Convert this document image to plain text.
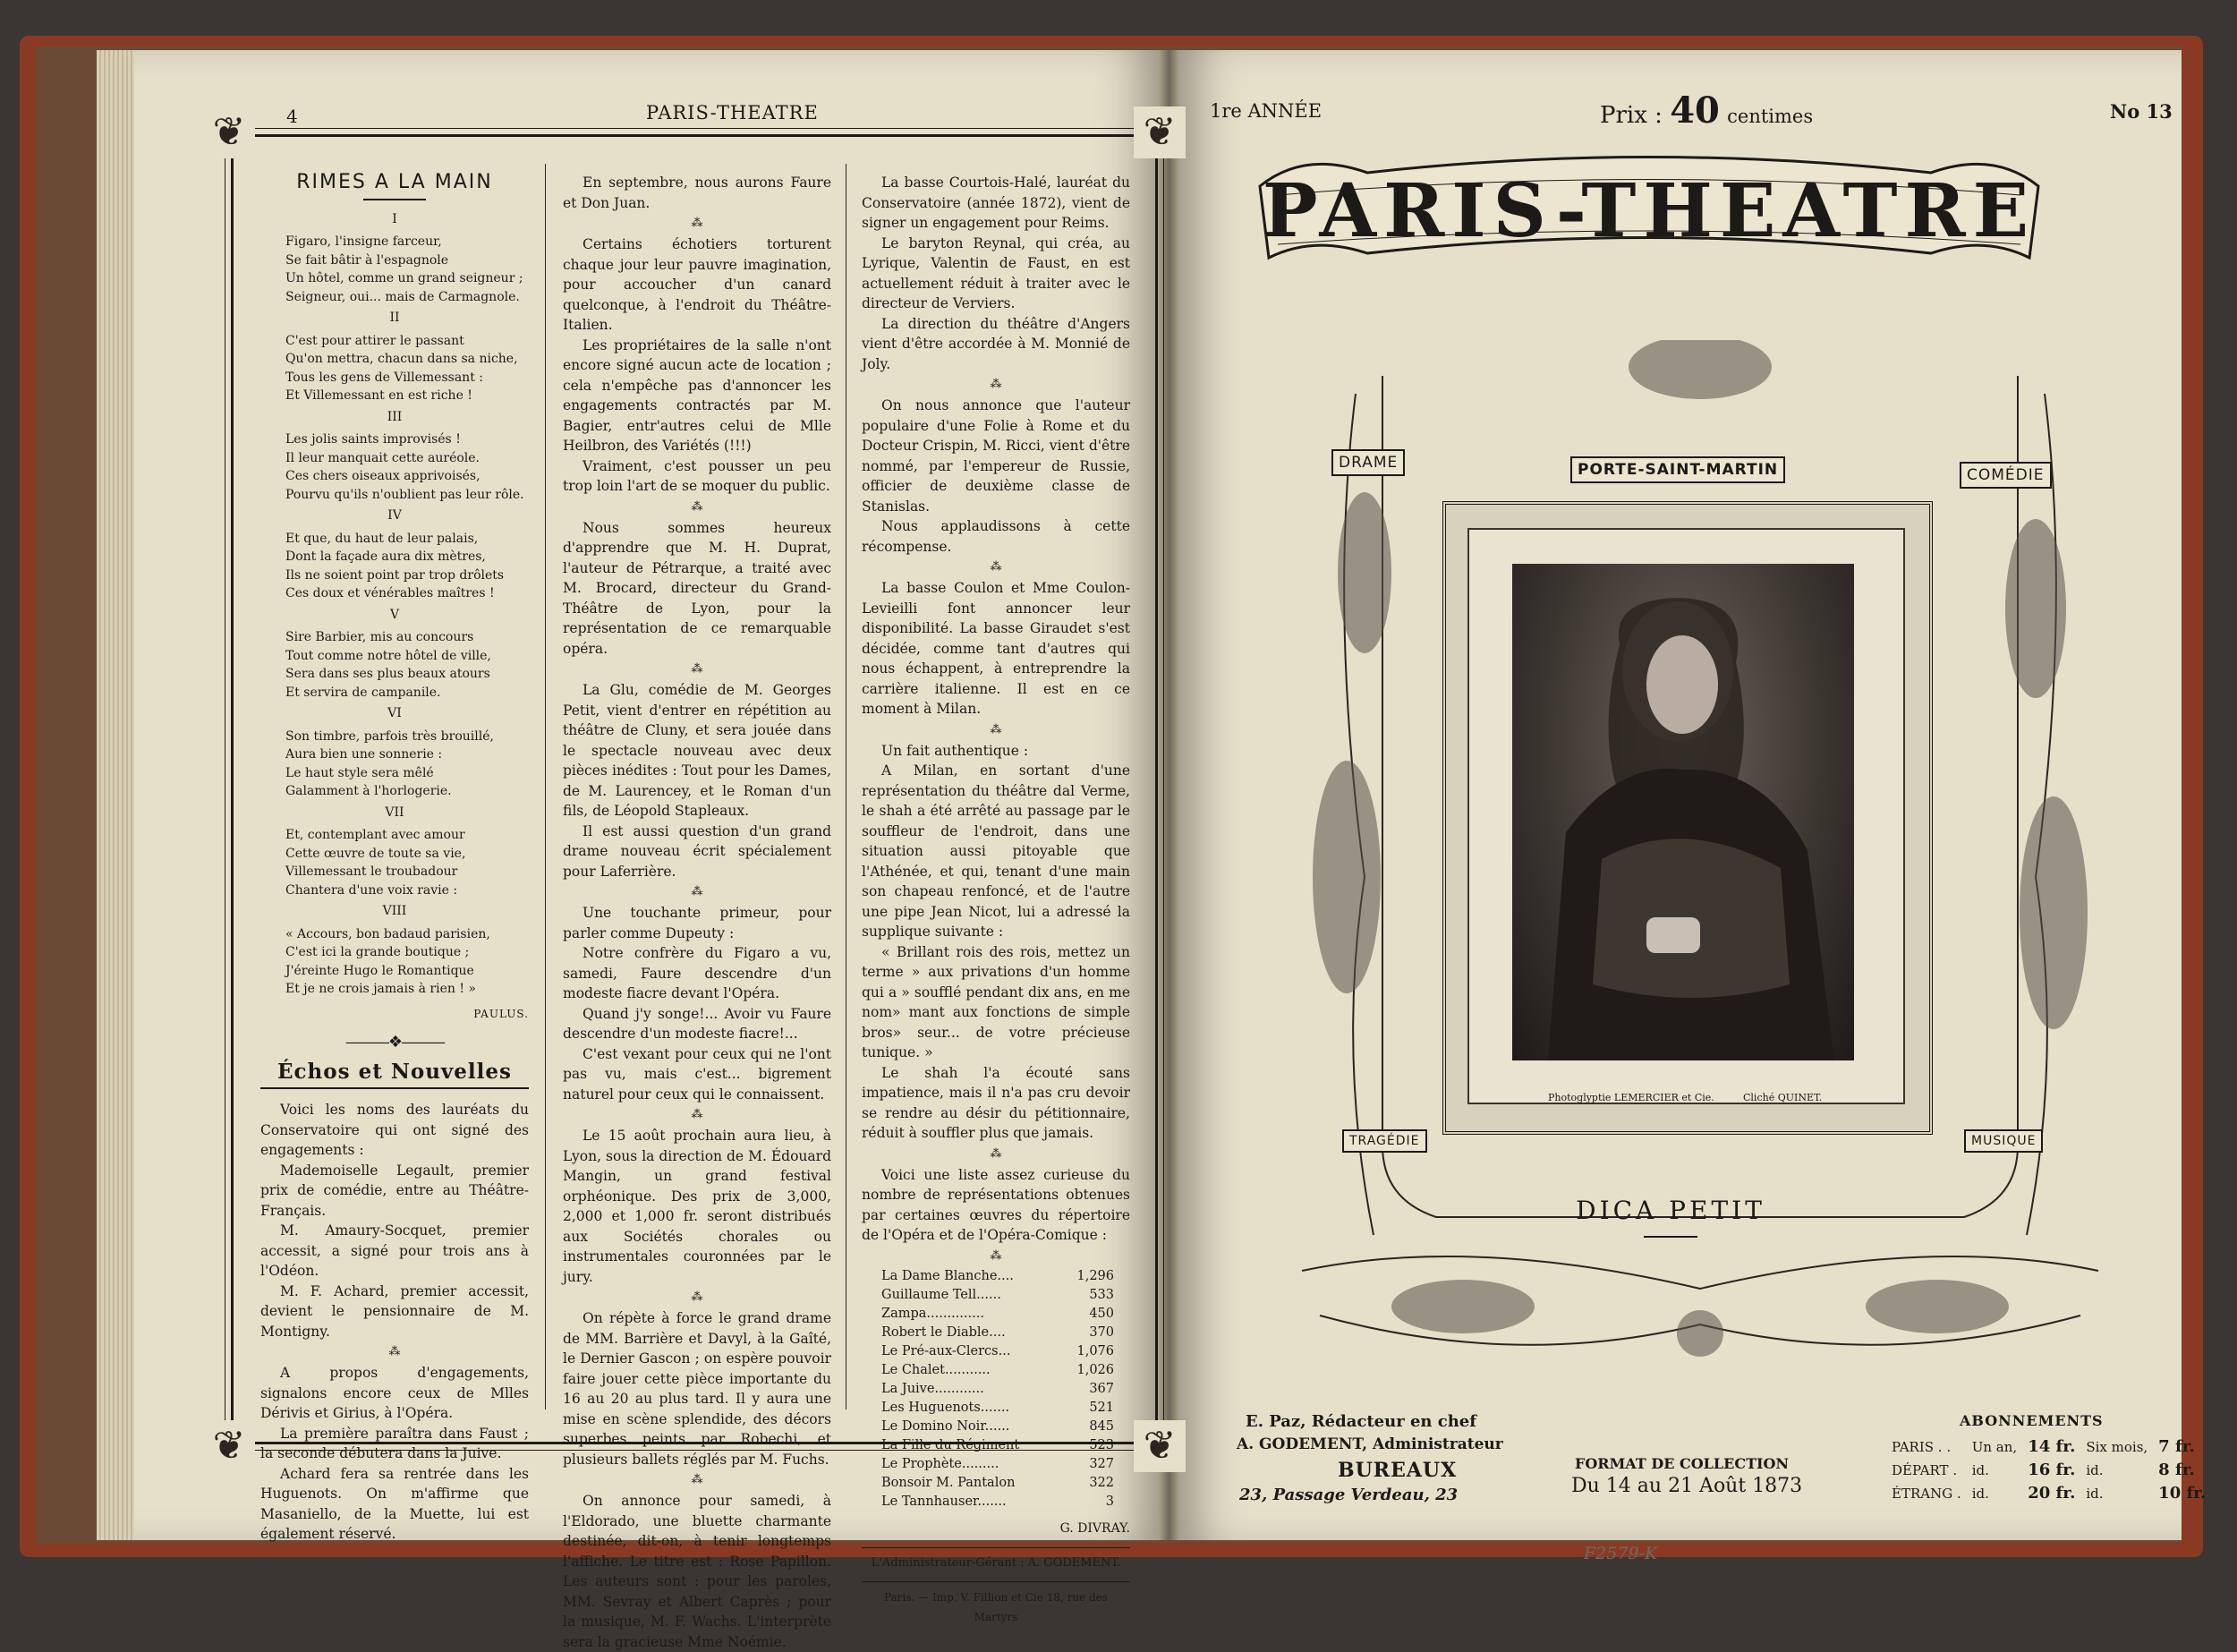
4	PARIS-THEATRE
❦	❦
❦	❦
RIMES A LA MAIN
I
Figaro, l'insigne farceur,
Se fait bâtir à l'espagnole
Un hôtel, comme un grand seigneur ;
Seigneur, oui... mais de Carmagnole.
II
C'est pour attirer le passant
Qu'on mettra, chacun dans sa niche,
Tous les gens de Villemessant :
Et Villemessant en est riche !
III
Les jolis saints improvisés !
Il leur manquait cette auréole.
Ces chers oiseaux apprivoisés,
Pourvu qu'ils n'oublient pas leur rôle.
IV
Et que, du haut de leur palais,
Dont la façade aura dix mètres,
Ils ne soient point par trop drôlets
Ces doux et vénérables maîtres !
V
Sire Barbier, mis au concours
Tout comme notre hôtel de ville,
Sera dans ses plus beaux atours
Et servira de campanile.
VI
Son timbre, parfois très brouillé,
Aura bien une sonnerie :
Le haut style sera mêlé
Galamment à l'horlogerie.
VII
Et, contemplant avec amour
Cette œuvre de toute sa vie,
Villemessant le troubadour
Chantera d'une voix ravie :
VIII
« Accours, bon badaud parisien,
C'est ici la grande boutique ;
J'éreinte Hugo le Romantique
Et je ne crois jamais à rien ! »
PAULUS.
———❖———
Échos et Nouvelles

Voici les noms des lauréats du Conservatoire qui ont signé des engagements :

Mademoiselle Legault, premier prix de comédie, entre au Théâtre-Français.

M. Amaury-Socquet, premier accessit, a signé pour trois ans à l'Odéon.

M. F. Achard, premier accessit, devient le pensionnaire de M. Montigny.

⁂

A propos d'engagements, signalons encore ceux de Mlles Dérivis et Girius, à l'Opéra.

La première paraîtra dans Faust ; la seconde débutera dans la Juive.

Achard fera sa rentrée dans les Huguenots. On m'affirme que Masaniello, de la Muette, lui est également réservé.

En septembre, nous aurons Faure et Don Juan.

⁂

Certains échotiers torturent chaque jour leur pauvre imagination, pour accoucher d'un canard quelconque, à l'endroit du Théâtre-Italien.

Les propriétaires de la salle n'ont encore signé aucun acte de location ; cela n'empêche pas d'annoncer les engagements contractés par M. Bagier, entr'autres celui de Mlle Heilbron, des Variétés (!!!)

Vraiment, c'est pousser un peu trop loin l'art de se moquer du public.

⁂

Nous sommes heureux d'apprendre que M. H. Duprat, l'auteur de Pétrarque, a traité avec M. Brocard, directeur du Grand-Théâtre de Lyon, pour la représentation de ce remarquable opéra.

⁂

La Glu, comédie de M. Georges Petit, vient d'entrer en répétition au théâtre de Cluny, et sera jouée dans le spectacle nouveau avec deux pièces inédites : Tout pour les Dames, de M. Laurencey, et le Roman d'un fils, de Léopold Stapleaux.

Il est aussi question d'un grand drame nouveau écrit spécialement pour Laferrière.

⁂

Une touchante primeur, pour parler comme Dupeuty :

Notre confrère du Figaro a vu, samedi, Faure descendre d'un modeste fiacre devant l'Opéra.

Quand j'y songe!... Avoir vu Faure descendre d'un modeste fiacre!...

C'est vexant pour ceux qui ne l'ont pas vu, mais c'est... bigrement naturel pour ceux qui le connaissent.

⁂

Le 15 août prochain aura lieu, à Lyon, sous la direction de M. Édouard Mangin, un grand festival orphéonique. Des prix de 3,000, 2,000 et 1,000 fr. seront distribués aux Sociétés chorales ou instrumentales couronnées par le jury.

⁂

On répète à force le grand drame de MM. Barrière et Davyl, à la Gaîté, le Dernier Gascon ; on espère pouvoir faire jouer cette pièce importante du 16 au 20 au plus tard. Il y aura une mise en scène splendide, des décors superbes peints par Robechi, et plusieurs ballets réglés par M. Fuchs.

⁂

On annonce pour samedi, à l'Eldorado, une bluette charmante destinée, dit-on, à tenir longtemps l'affiche. Le titre est : Rose Papillon. Les auteurs sont : pour les paroles, MM. Sevray et Albert Caprès ; pour la musique, M. F. Wachs. L'interprète sera la gracieuse Mme Noémie.

La basse Courtois-Halé, lauréat du Conservatoire (année 1872), vient de signer un engagement pour Reims.

Le baryton Reynal, qui créa, au Lyrique, Valentin de Faust, en est actuellement réduit à traiter avec le directeur de Verviers.

La direction du théâtre d'Angers vient d'être accordée à M. Monnié de Joly.

⁂

On nous annonce que l'auteur populaire d'une Folie à Rome et du Docteur Crispin, M. Ricci, vient d'être nommé, par l'empereur de Russie, officier de deuxième classe de Stanislas.

Nous applaudissons à cette récompense.

⁂

La basse Coulon et Mme Coulon-Levieilli font annoncer leur disponibilité. La basse Giraudet s'est décidée, comme tant d'autres qui nous échappent, à entreprendre la carrière italienne. Il est en ce moment à Milan.

⁂

Un fait authentique :

A Milan, en sortant d'une représentation du théâtre dal Verme, le shah a été arrêté au passage par le souffleur de l'endroit, dans une situation aussi pitoyable que l'Athénée, et qui, tenant d'une main son chapeau renfoncé, et de l'autre une pipe Jean Nicot, lui a adressé la supplique suivante :

« Brillant rois des rois, mettez un terme » aux privations d'un homme qui a » soufflé pendant dix ans, en me nom» mant aux fonctions de simple bros» seur... de votre précieuse tunique. »

Le shah l'a écouté sans impatience, mais il n'a pas cru devoir se rendre au désir du pétitionnaire, réduit à souffler plus que jamais.

⁂

Voici une liste assez curieuse du nombre de représentations obtenues par certaines œuvres du répertoire de l'Opéra et de l'Opéra-Comique :

⁂
La Dame Blanche....	1,296
Guillaume Tell......	533
Zampa..............	450
Robert le Diable....	370
Le Pré-aux-Clercs...	1,076
Le Chalet...........	1,026
La Juive............	367
Les Huguenots.......	521
Le Domino Noir......	845
La Fille du Régiment	523
Le Prophète.........	327
Bonsoir M. Pantalon	322
Le Tannhauser.......	3
G. DIVRAY.
L'Administrateur-Gérant : A. GODEMENT.
Paris. — Imp. V. Fillion et Cie 18, rue des Martyrs
1re ANNÉE	Prix : 40 centimes	No 13
PARIS-THEATRE
DRAME	PORTE-SAINT-MARTIN	COMÉDIE
TRAGÉDIE	MUSIQUE
Photoglyptie LEMERCIER et Cie.	Cliché QUINET.
DICA PETIT
E. Paz, Rédacteur en chef
A. GODEMENT, Administrateur
BUREAUX
23, Passage Verdeau, 23
FORMAT DE COLLECTION
Du 14 au 21 Août 1873
ABONNEMENTS
PARIS . .	Un an,	14 fr.	Six mois,	7 fr.
DÉPART .	id.	16 fr.	id.	8 fr.
ÉTRANG .	id.	20 fr.	id.	10 fr.
F2579-K
